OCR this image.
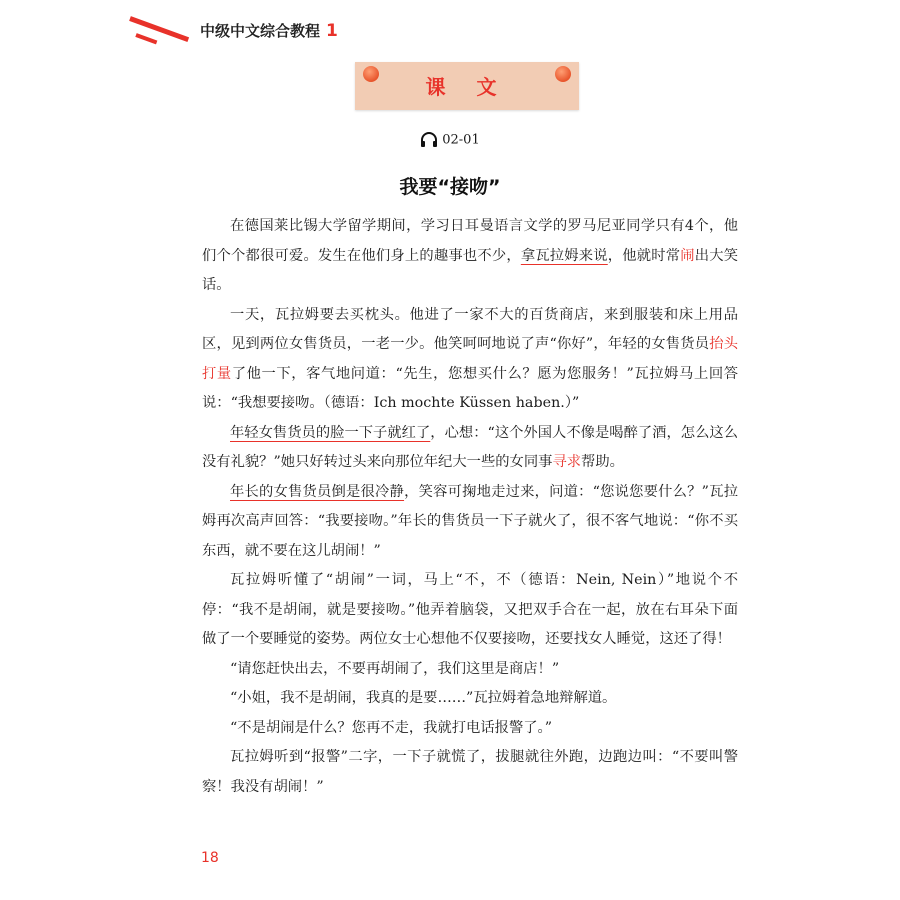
中级中文综合教程 1
课 文
02-01
我要“接吻”

在德国莱比锡大学留学期间，学习日耳曼语言文学的罗马尼亚同学只有4个，他们个个都很可爱。发生在他们身上的趣事也不少，拿瓦拉姆来说，他就时常闹出大笑话。

一天，瓦拉姆要去买枕头。他进了一家不大的百货商店，来到服装和床上用品区，见到两位女售货员，一老一少。他笑呵呵地说了声“你好”，年轻的女售货员抬头打量了他一下，客气地问道：“先生，您想买什么？愿为您服务！”瓦拉姆马上回答说：“我想要接吻。（德语：Ich mochte Küssen haben.）”

年轻女售货员的脸一下子就红了，心想：“这个外国人不像是喝醉了酒，怎么这么没有礼貌？”她只好转过头来向那位年纪大一些的女同事寻求帮助。

年长的女售货员倒是很冷静，笑容可掬地走过来，问道：“您说您要什么？”瓦拉姆再次高声回答：“我要接吻。”年长的售货员一下子就火了，很不客气地说：“你不买东西，就不要在这儿胡闹！”

瓦拉姆听懂了“胡闹”一词，马上“不，不（德语：Nein, Nein）”地说个不停：“我不是胡闹，就是要接吻。”他弄着脑袋，又把双手合在一起，放在右耳朵下面做了一个要睡觉的姿势。两位女士心想他不仅要接吻，还要找女人睡觉，这还了得！

“请您赶快出去，不要再胡闹了，我们这里是商店！”

“小姐，我不是胡闹，我真的是要……”瓦拉姆着急地辩解道。

“不是胡闹是什么？您再不走，我就打电话报警了。”

瓦拉姆听到“报警”二字，一下子就慌了，拔腿就往外跑，边跑边叫：“不要叫警察！我没有胡闹！”

18
